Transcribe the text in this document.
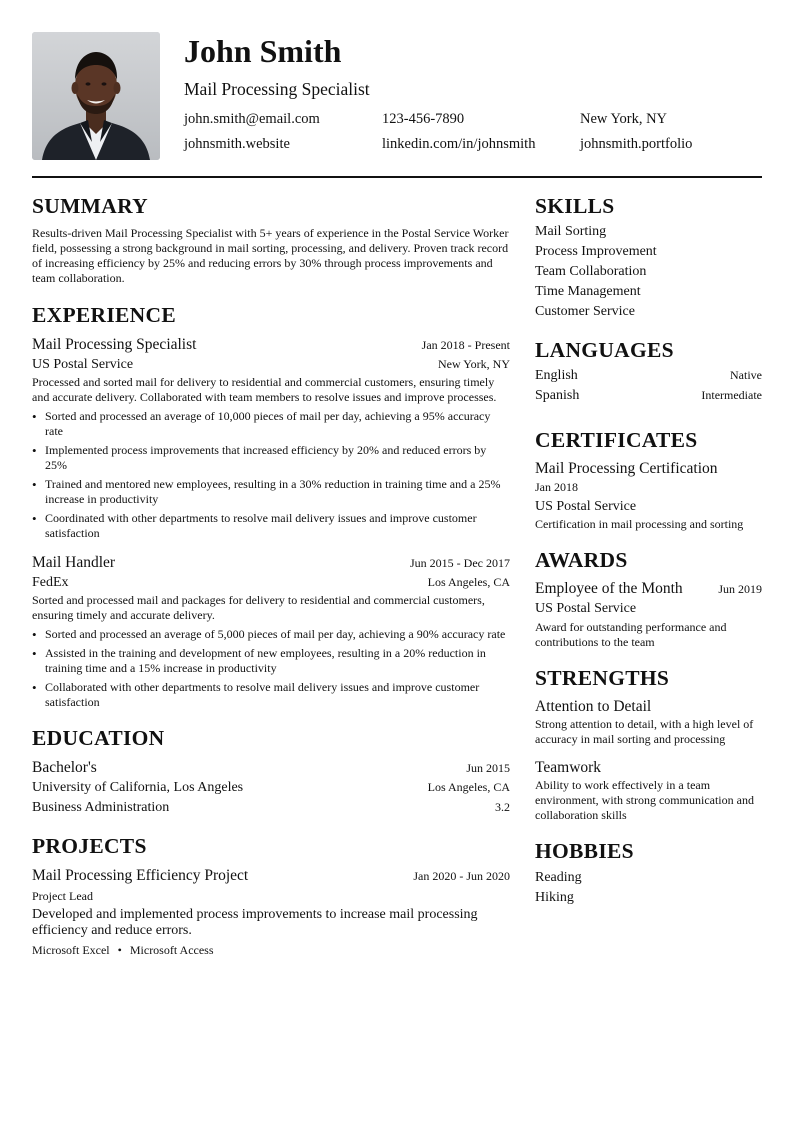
John Smith
Mail Processing Specialist
john.smith@email.com	123-456-7890	New York, NY
johnsmith.website	linkedin.com/in/johnsmith	johnsmith.portfolio
SUMMARY

Results-driven Mail Processing Specialist with 5+ years of experience in the Postal Service Worker field, possessing a strong background in mail sorting, processing, and delivery. Proven track record of increasing efficiency by 25% and reducing errors by 30% through process improvements and team collaboration.

EXPERIENCE
Mail Processing Specialist	Jan 2018 - Present
US Postal Service	New York, NY

Processed and sorted mail for delivery to residential and commercial customers, ensuring timely and accurate delivery. Collaborated with team members to resolve issues and improve processes.

• Sorted and processed an average of 10,000 pieces of mail per day, achieving a 95% accuracy rate
• Implemented process improvements that increased efficiency by 20% and reduced errors by 25%
• Trained and mentored new employees, resulting in a 30% reduction in training time and a 25% increase in productivity
• Coordinated with other departments to resolve mail delivery issues and improve customer satisfaction
Mail Handler	Jun 2015 - Dec 2017
FedEx	Los Angeles, CA

Sorted and processed mail and packages for delivery to residential and commercial customers, ensuring timely and accurate delivery.

• Sorted and processed an average of 5,000 pieces of mail per day, achieving a 90% accuracy rate
• Assisted in the training and development of new employees, resulting in a 20% reduction in training time and a 15% increase in productivity
• Collaborated with other departments to resolve mail delivery issues and improve customer satisfaction
EDUCATION
Bachelor's	Jun 2015
University of California, Los Angeles	Los Angeles, CA
Business Administration	3.2
PROJECTS
Mail Processing Efficiency Project	Jan 2020 - Jun 2020
Project Lead

Developed and implemented process improvements to increase mail processing efficiency and reduce errors.

Microsoft Excel • Microsoft Access
SKILLS
Mail Sorting
Process Improvement
Team Collaboration
Time Management
Customer Service
LANGUAGES
English	Native
Spanish	Intermediate
CERTIFICATES
Mail Processing Certification
Jan 2018
US Postal Service
Certification in mail processing and sorting
AWARDS
Employee of the Month	Jun 2019
US Postal Service
Award for outstanding performance and contributions to the team
STRENGTHS
Attention to Detail
Strong attention to detail, with a high level of accuracy in mail sorting and processing
Teamwork
Ability to work effectively in a team environment, with strong communication and collaboration skills
HOBBIES
Reading
Hiking
